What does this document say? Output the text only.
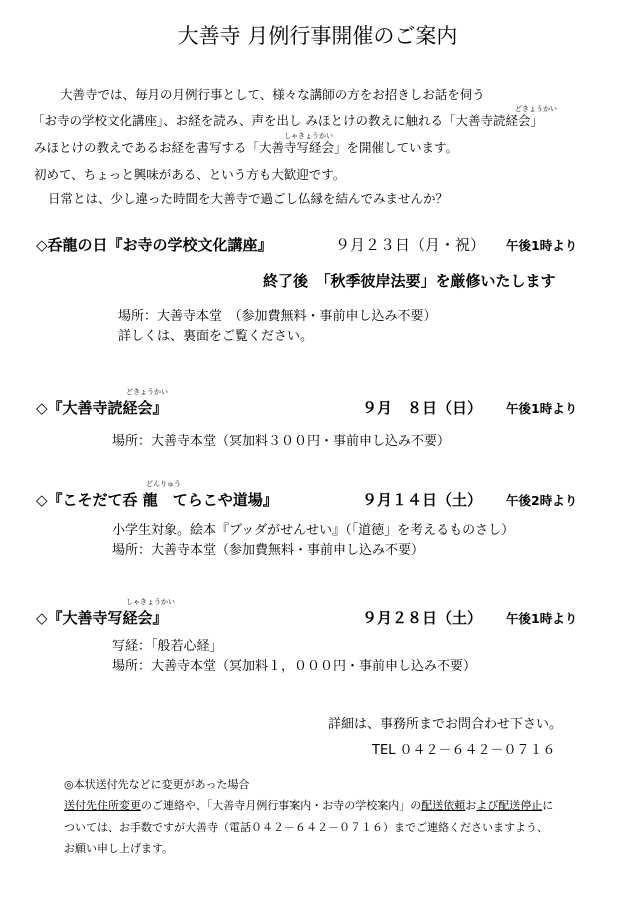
大善寺 月例行事開催のご案内
大善寺では、毎月の月例行事として、様々な講師の方をお招きしお話を伺う
どきょうかい
「お寺の学校文化講座」、お経を読み、声を出し みほとけの教えに触れる「大善寺読経会」
しゃきょうかい
みほとけの教えであるお経を書写する「大善寺写経会」を開催しています。
初めて、ちょっと興味がある、という方も大歓迎です。
日常とは、少し違った時間を大善寺で過ごし仏縁を結んでみませんか？
◇呑龍の日『お寺の学校文化講座』	９月２３日（月・祝） 午後1時より
終了後　「秋季彼岸法要」を厳修いたします
場所：大善寺本堂　（参加費無料・事前申し込み不要）
詳しくは、裏面をご覧ください。
どきょうかい
◇『大善寺読経会』	９月　８日（日） 午後1時より
場所：大善寺本堂（冥加料３００円・事前申し込み不要）
どんりゅう
◇『こそだて呑 龍　てらこや道場』	９月１４日（土） 午後2時より
小学生対象。絵本『ブッダがせんせい』（「道徳」を考えるものさし）
場所：大善寺本堂（参加費無料・事前申し込み不要）
しゃきょうかい
◇『大善寺写経会』	９月２８日（土） 午後1時より
写経：「般若心経」
場所：大善寺本堂（冥加料１，０００円・事前申し込み不要）
詳細は、事務所までお問合わせ下さい。
TEL ０４２－６４２－０７１６
◎本状送付先などに変更があった場合
送付先住所変更のご連絡や、「大善寺月例行事案内・お寺の学校案内」の配送依頼および配送停止に
ついては、お手数ですが大善寺（電話０４２－６４２－０７１６）までご連絡くださいますよう、
お願い申し上げます。
